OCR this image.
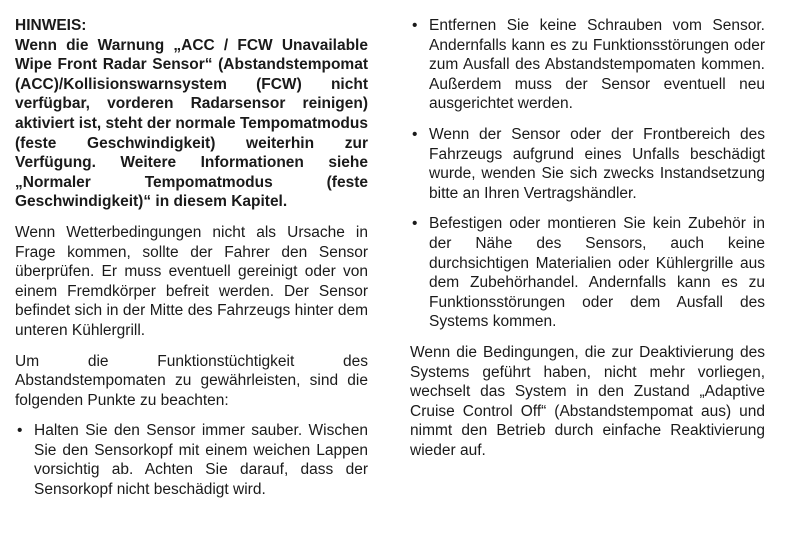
HINWEIS:

Wenn die Warnung „ACC / FCW Unavailable Wipe Front Radar Sensor“ (Abstandstempomat (ACC)/Kollisionswarnsystem (FCW) nicht verfügbar, vorderen Radarsensor reinigen) aktiviert ist, steht der normale Tempomatmodus (feste Geschwindigkeit) weiterhin zur Verfügung. Weitere Informationen siehe „Normaler Tempomatmodus (feste Geschwindigkeit)“ in diesem Kapitel.

Wenn Wetterbedingungen nicht als Ursache in Frage kommen, sollte der Fahrer den Sensor überprüfen. Er muss eventuell gereinigt oder von einem Fremdkörper befreit werden. Der Sensor befindet sich in der Mitte des Fahrzeugs hinter dem unteren Kühlergrill.

Um die Funktionstüchtigkeit des Abstandstempomaten zu gewährleisten, sind die folgenden Punkte zu beachten:

• Halten Sie den Sensor immer sauber. Wischen Sie den Sensorkopf mit einem weichen Lappen vorsichtig ab. Achten Sie darauf, dass der Sensorkopf nicht beschädigt wird.
• Entfernen Sie keine Schrauben vom Sensor. Andernfalls kann es zu Funktionsstörungen oder zum Ausfall des Abstandstempomaten kommen. Außerdem muss der Sensor eventuell neu ausgerichtet werden.
• Wenn der Sensor oder der Frontbereich des Fahrzeugs aufgrund eines Unfalls beschädigt wurde, wenden Sie sich zwecks Instandsetzung bitte an Ihren Vertragshändler.
• Befestigen oder montieren Sie kein Zubehör in der Nähe des Sensors, auch keine durchsichtigen Materialien oder Kühlergrille aus dem Zubehörhandel. Andernfalls kann es zu Funktionsstörungen oder dem Ausfall des Systems kommen.

Wenn die Bedingungen, die zur Deaktivierung des Systems geführt haben, nicht mehr vorliegen, wechselt das System in den Zustand „Adaptive Cruise Control Off“ (Abstandstempomat aus) und nimmt den Betrieb durch einfache Reaktivierung wieder auf.
